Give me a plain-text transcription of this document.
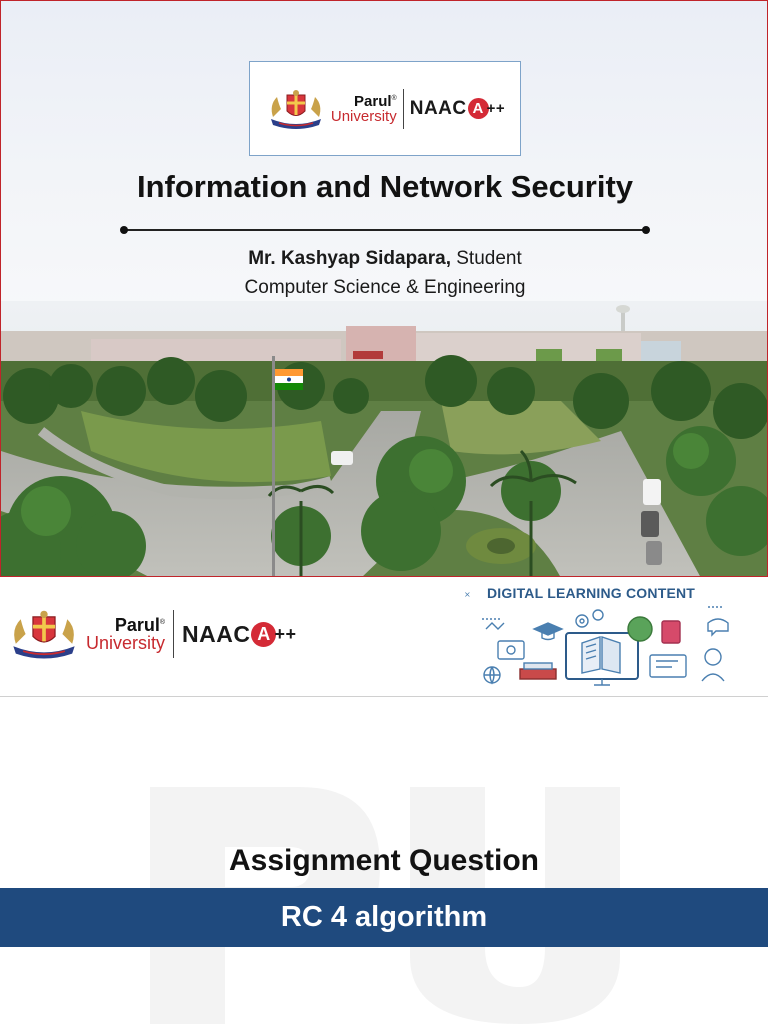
Parul®
University NAAC A ++
Information and Network Security
Mr. Kashyap Sidapara, Student
Computer Science & Engineering
Parul®
University NAAC A ++
DIGITAL LEARNING CONTENT
×
Assignment Question
RC 4 algorithm
